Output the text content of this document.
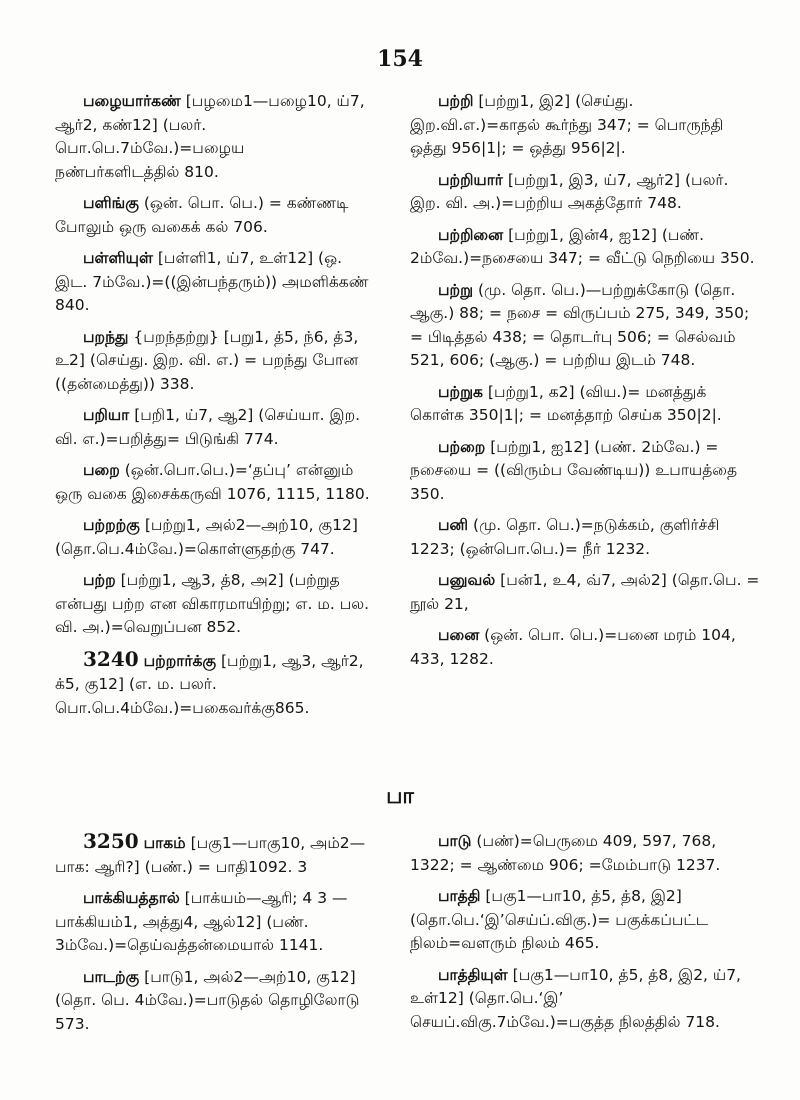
154
பழையார்கண் [பழமை1—பழை10, ய்7, ஆர்2, கண்12] (பலர். பொ.பெ.7ம்வே.)=பழைய நண்பர்களிடத்தில் 810.
பளிங்கு (ஒன். பொ. பெ.) = கண்ணடி போலும் ஒரு வகைக் கல் 706.
பள்ளியுள் [பள்ளி1, ய்7, உள்12] (ஒ. இட. 7ம்வே.)=((இன்பந்தரும்)) அமளிக்கண் 840.
பறந்து {பறந்தற்று} [பறு1, த்5, ந்6, த்3, உ2] (செய்து. இற. வி. எ.) = பறந்து போன ((தன்மைத்து)) 338.
பறியா [பறி1, ய்7, ஆ2] (செய்யா. இற. வி. எ.)=பறித்து= பிடுங்கி 774.
பறை (ஒன்.பொ.பெ.)=‘தப்பு’ என்னும் ஒரு வகை இசைக்கருவி 1076, 1115, 1180.
பற்றற்கு [பற்று1, அல்2—அற்10, கு12] (தொ.பெ.4ம்வே.)=கொள்ளுதற்கு 747.
பற்ற [பற்று1, ஆ3, த்8, அ2] (பற்றுத என்பது பற்ற என விகாரமாயிற்று; எ. ம. பல. வி. அ.)=வெறுப்பன 852.
3240 பற்றார்க்கு [பற்று1, ஆ3, ஆர்2, க்5, கு12] (எ. ம. பலர். பொ.பெ.4ம்வே.)=பகைவர்க்கு865.
பற்றி [பற்று1, இ2] (செய்து. இற.வி.எ.)=காதல் கூர்ந்து 347; = பொருந்தி ஒத்து 956|1|; = ஒத்து 956|2|.
பற்றியார் [பற்று1, இ3, ய்7, ஆர்2] (பலர். இற. வி. அ.)=பற்றிய அகத்தோர் 748.
பற்றினை [பற்று1, இன்4, ஐ12] (பண். 2ம்வே.)=நசையை 347; = வீட்டு நெறியை 350.
பற்று (மு. தொ. பெ.)—பற்றுக்கோடு (தொ. ஆகு.) 88; = நசை = விருப்பம் 275, 349, 350; = பிடித்தல் 438; = தொடர்பு 506; = செல்வம் 521, 606; (ஆகு.) = பற்றிய இடம் 748.
பற்றுக [பற்று1, க2] (விய.)= மனத்துக் கொள்க 350|1|; = மனத்தாற் செய்க 350|2|.
பற்றை [பற்று1, ஐ12] (பண். 2ம்வே.) = நசையை = ((விரும்ப வேண்டிய)) உபாயத்தை 350.
பனி (மு. தொ. பெ.)=நடுக்கம், குளிர்ச்சி 1223; (ஒன்பொ.பெ.)= நீர் 1232.
பனுவல் [பன்1, உ4, வ்7, அல்2] (தொ.பெ. = நூல் 21,
பனை (ஒன். பொ. பெ.)=பனை மரம் 104, 433, 1282.
பா
3250 பாகம் [பகு1—பாகு10, அம்2—பாக: ஆரி?] (பண்.) = பாதி1092. 3
பாக்கியத்தால் [பாக்யம்—ஆரி; 4 3 —பாக்கியம்1, அத்து4, ஆல்12] (பண். 3ம்வே.)=தெய்வத்தன்மையால் 1141.
பாடற்கு [பாடு1, அல்2—அற்10, கு12] (தொ. பெ. 4ம்வே.)=பாடுதல் தொழிலோடு 573.
பாடு (பண்)=பெருமை 409, 597, 768, 1322; = ஆண்மை 906; =மேம்பாடு 1237.
பாத்தி [பகு1—பா10, த்5, த்8, இ2] (தொ.பெ.‘இ’செய்ப்.விகு.)= பகுக்கப்பட்ட நிலம்=வளரும் நிலம் 465.
பாத்தியுள் [பகு1—பா10, த்5, த்8, இ2, ய்7, உள்12] (தொ.பெ.‘இ’ செயப்.விகு.7ம்வே.)=பகுத்த நிலத்தில் 718.
